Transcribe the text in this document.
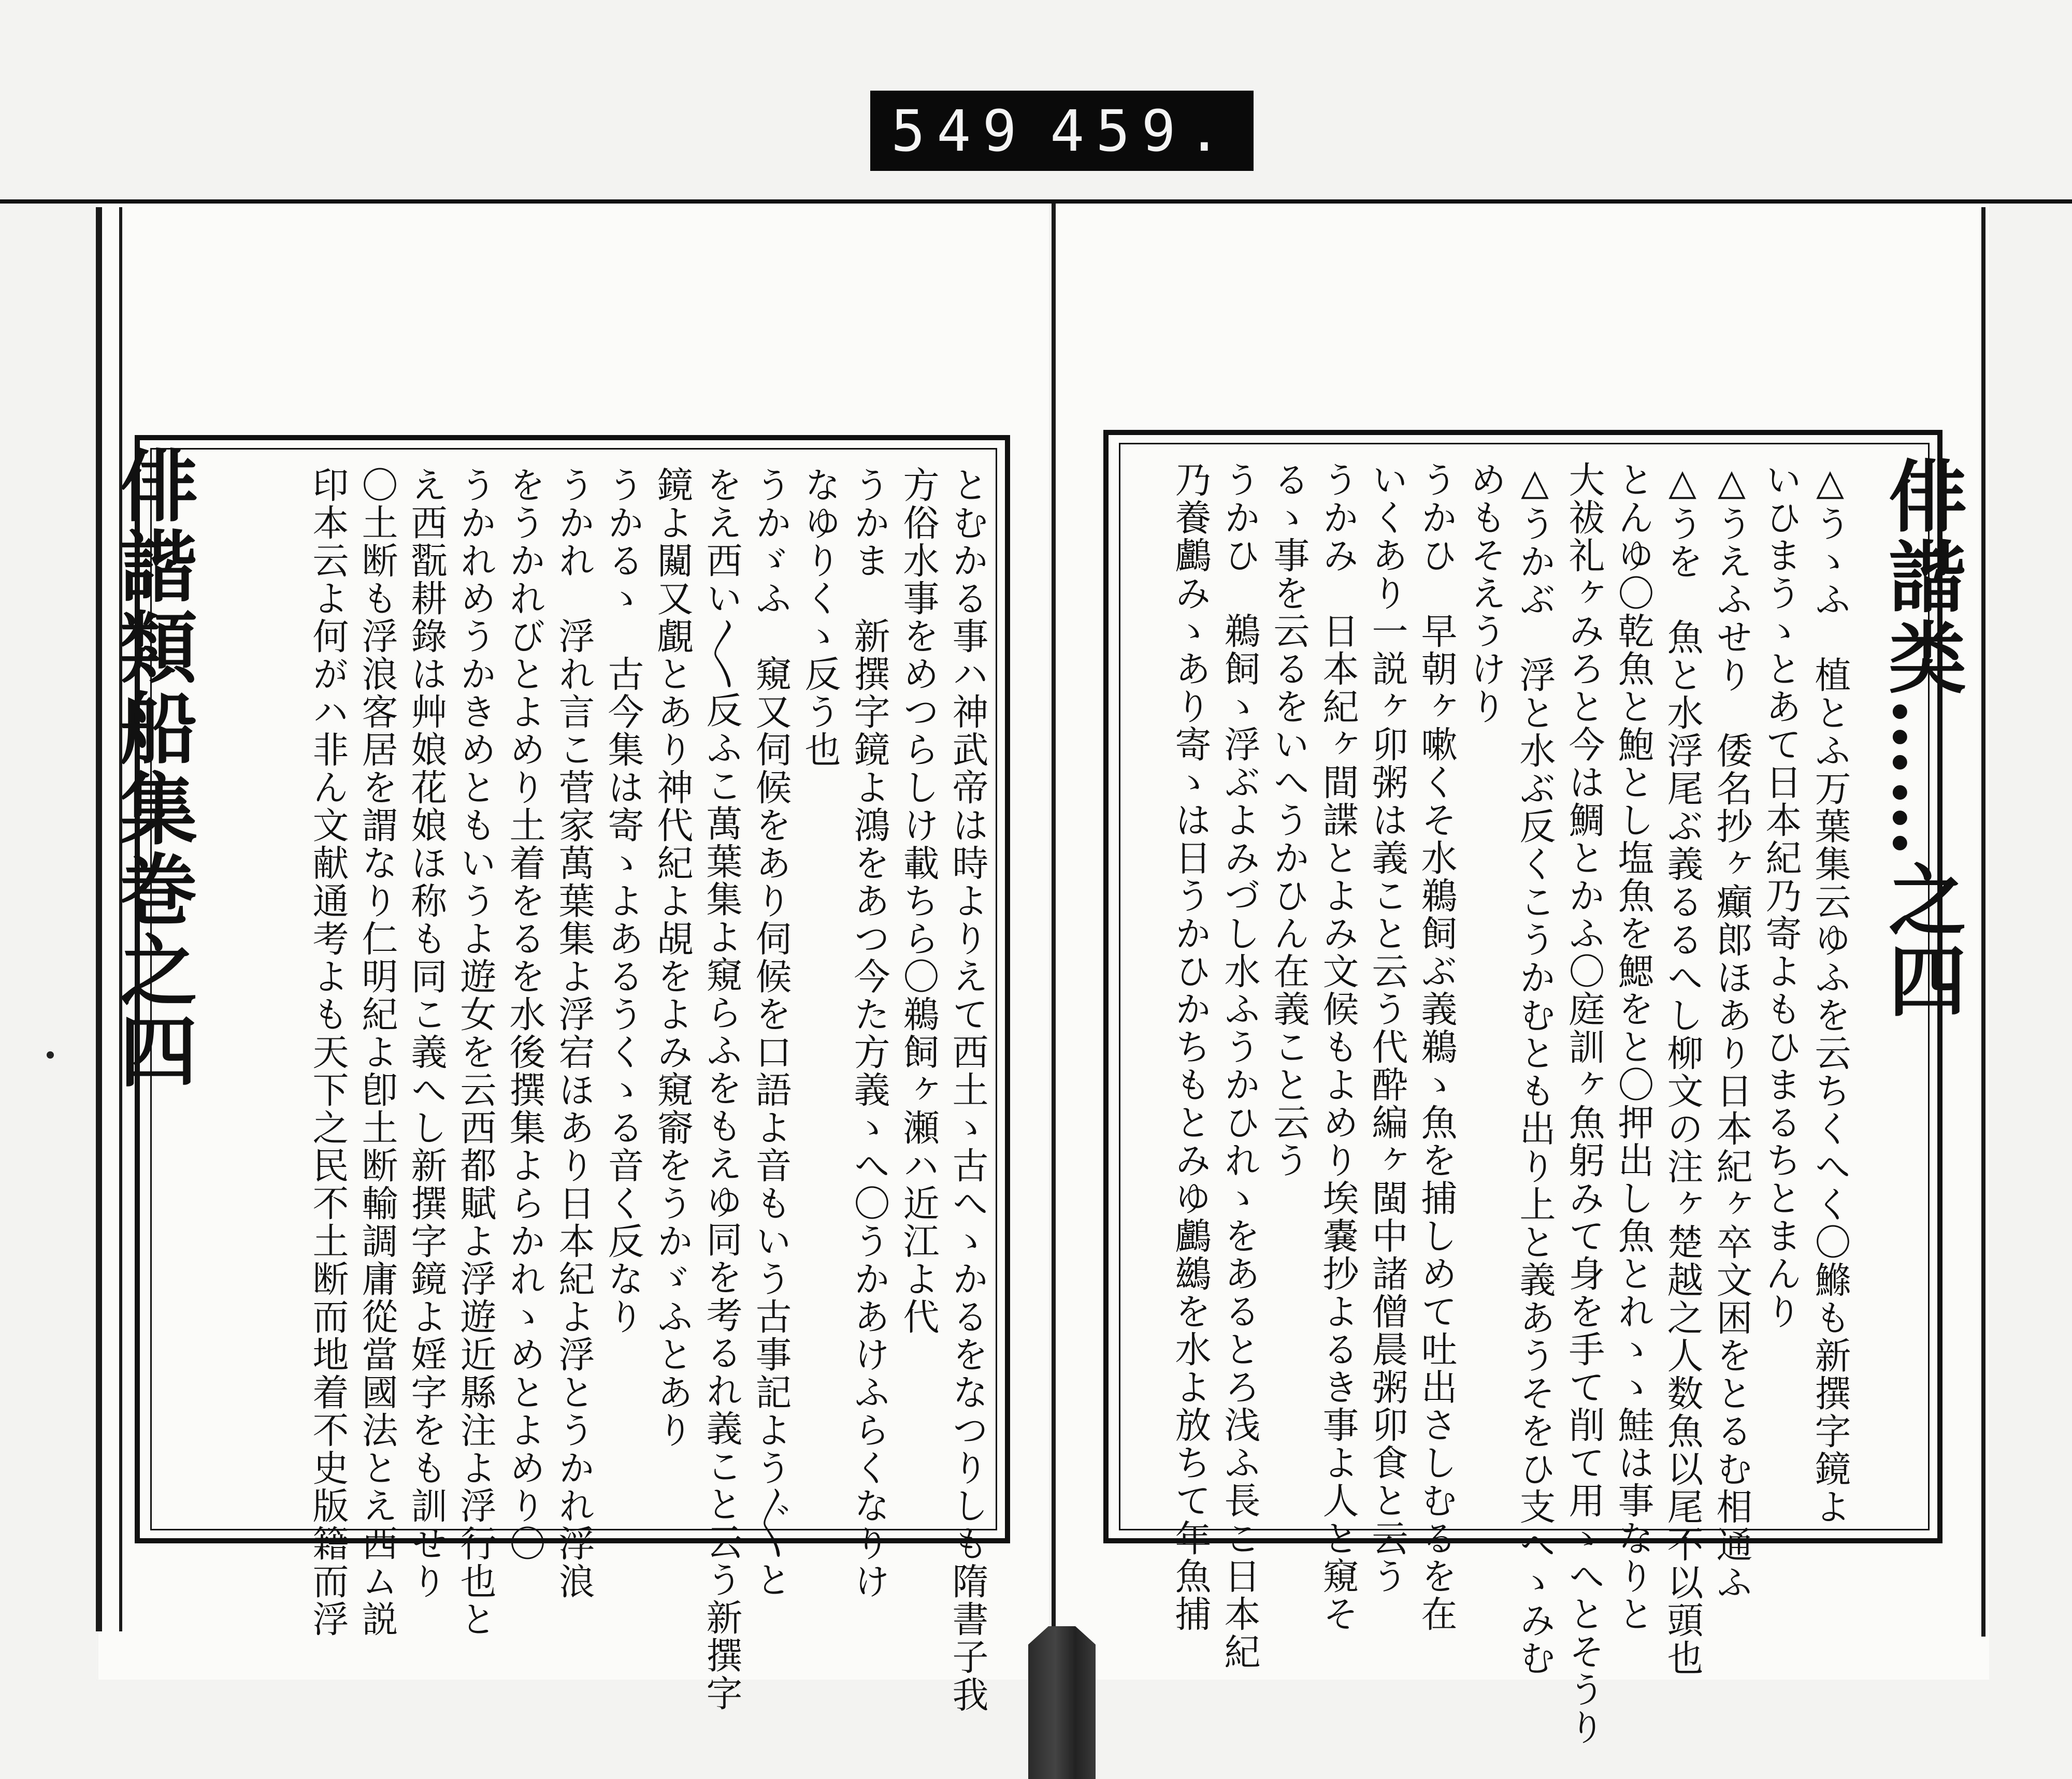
549 459.
俳諧类……之四
△うゝふ　植とふ万葉集云ゆふを云ちくへく〇鰷も新撰字鏡よ
いひまうゝとあて日本紀乃寄よもひまるちとまんり
△うえふせり　倭名抄ヶ癲郎ほあり日本紀ヶ卒文困をとるむ相通ふ
△うを　魚と水浮尾ぶ義るるへし柳文の注ヶ楚越之人数魚以尾不以頭也
とんゆ〇乾魚と鮑とし塩魚を鰓をと〇押出し魚とれゝゝ鮭は事なりと
大祓礼ヶみろと今は鯛とかふ〇庭訓ヶ魚躬みて身を手て削て用ゝへとそうり
△うかぶ　浮と水ぶ反くこうかむとも出り上と義あうそをひ支へゝみむ
めもそえうけり
うかひ　早朝ヶ嗽くそ水鵜飼ぶ義鵜ゝ魚を捕しめて吐出さしむるを在
いくあり一説ヶ卯粥は義こと云う代酔編ヶ閩中諸僧晨粥卯食と云う
うかみ　日本紀ヶ間諜とよみ文候もよめり埃嚢抄よるき事よ人と窺そ
るゝ事を云るをいへうかひん在義こと云う
うかひ　鵜飼ゝ浮ぶよみづし水ふうかひれゝをあるとろ浅ふ長こ日本紀
乃養鸕みゝあり寄ゝは日うかひかちもとみゆ鸕鷀を水よ放ちて年魚捕
俳諧類船集巻之四	とむかる事ハ神武帝は時よりえて西土ゝ古へゝかるをなつりしも隋書子我
方俗水事をめつらしけ載ちら〇鵜飼ヶ瀬ハ近江よ代
うかま　新撰字鏡よ鴻をあつ今た方義ゝへ〇うかあけふらくなりけ
なゆりくゝ反う也
うかゞふ　窺又伺候をあり伺候を口語よ音もいう古事記よう〴〵と
をえ西い〳〵反ふこ萬葉集よ窺らふをもえゆ同を考るれ義こと云う新撰字
鏡よ闚又覰とあり神代紀よ覘をよみ窺窬をうかゞふとあり
うかるゝ　古今集は寄ゝよあるうくゝる音く反なり
うかれ　浮れ言こ菅家萬葉集よ浮宕ほあり日本紀よ浮とうかれ浮浪
をうかれびとよめり土着をるを水後撰集よらかれゝめとよめり〇
うかれめうかきめともいうよ遊女を云西都賦よ浮遊近縣注よ浮行也と
え西翫耕錄は艸娘花娘ほ称も同こ義へし新撰字鏡よ婬字をも訓せり
〇土断も浮浪客居を謂なり仁明紀よ卽土断輸調庸從當國法とえ西ム説
印本云よ何がハ非ん文献通考よも天下之民不土断而地着不史版籍而浮
